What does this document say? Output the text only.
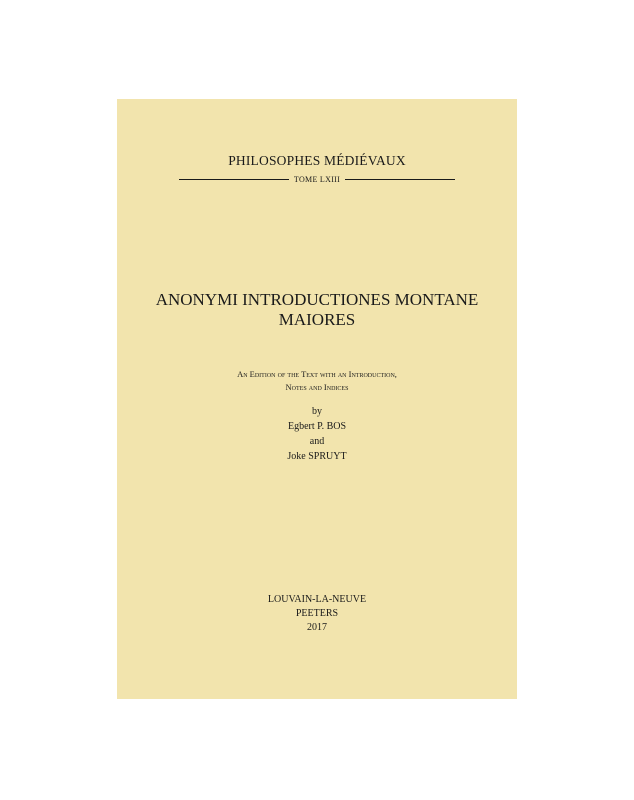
PHILOSOPHES MÉDIÉVAUX

TOME LXIII
ANONYMI INTRODUCTIONES MONTANE
MAIORES
An Edition of the Text with an Introduction,
Notes and Indices
by
Egbert P. BOS
and
Joke SPRUYT
LOUVAIN-LA-NEUVE
PEETERS
2017
